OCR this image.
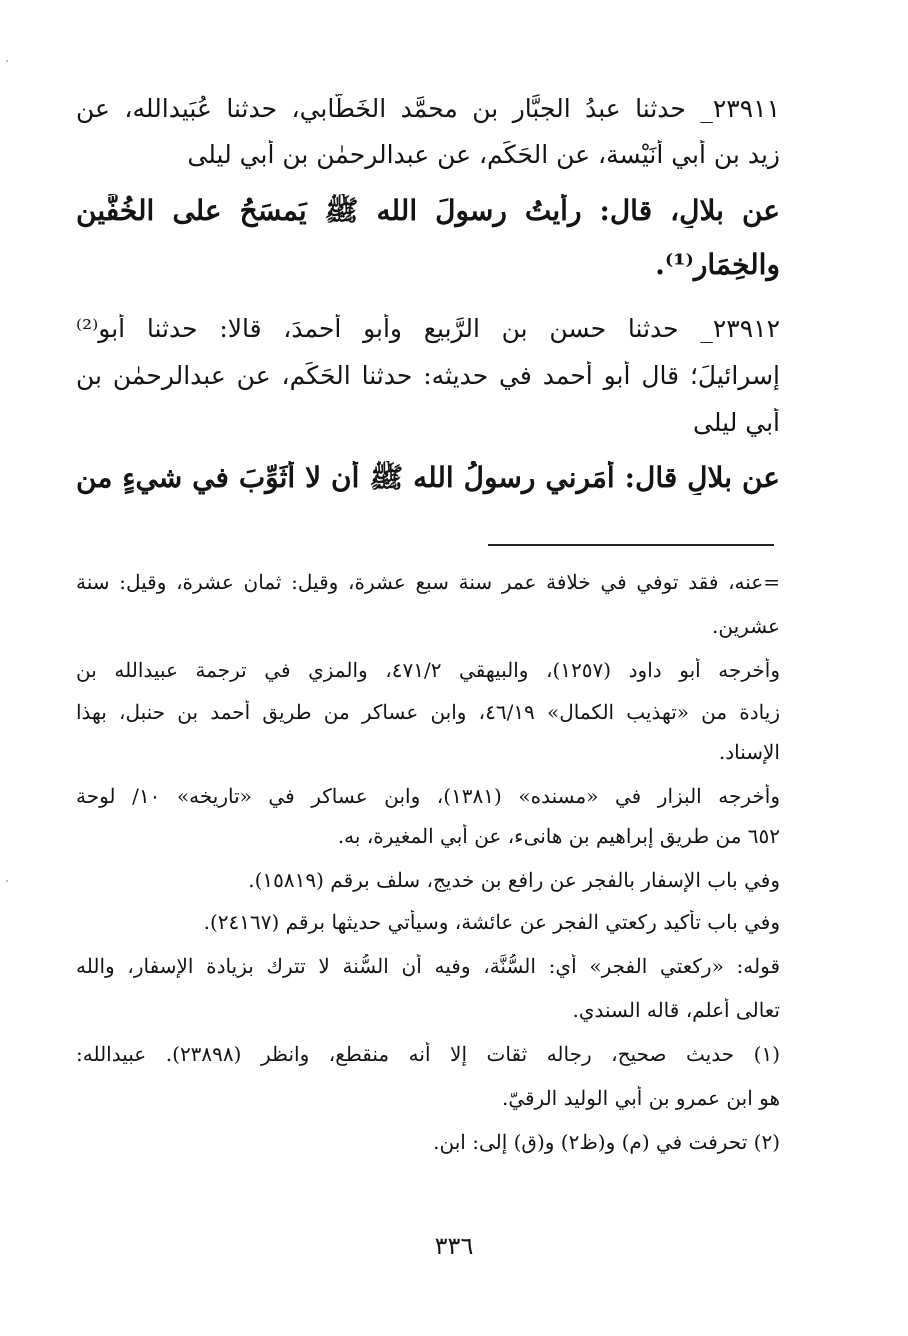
٢٣٩١١_ حدثنا عبدُ الجبَّار بن محمَّد الخَطَّابي، حدثنا عُبَيدالله، عن
زيد بن أبي أُنَيْسة، عن الحَكَم، عن عبدالرحمٰن بن أبي ليلى
عن بلالٍ، قال: رأيتُ رسولَ الله ﷺ يَمسَحُ على الخُفَّينِ
والخِمَار⁽¹⁾.
٢٣٩١٢_ حدثنا حسن بن الرَّبيع وأبو أحمدَ، قالا: حدثنا أبو⁽²⁾
إسرائيلَ؛ قال أبو أحمد في حديثه: حدثنا الحَكَم، عن عبدالرحمٰن بن
أبي ليلى
عن بلالٍ قال: أَمَرني رسولُ الله ﷺ أن لا أُثَوِّبَ في شيءٍ من
=عنه، فقد توفي في خلافة عمر سنة سبع عشرة، وقيل: ثمان عشرة، وقيل: سنة
عشرين.
وأخرجه أبو داود (١٢٥٧)، والبيهقي ٤٧١/٢، والمزي في ترجمة عبيدالله بن
زيادة من «تهذيب الكمال» ٤٦/١٩، وابن عساكر من طريق أحمد بن حنبل، بهذا
الإسناد.
وأخرجه البزار في «مسنده» (١٣٨١)، وابن عساكر في «تاريخه» ١٠/ لوحة
٦٥٢ من طريق إبراهيم بن هانىء، عن أبي المغيرة، به.
وفي باب الإسفار بالفجر عن رافع بن خديج، سلف برقم (١٥٨١٩).
وفي باب تأكيد ركعتي الفجر عن عائشة، وسيأتي حديثها برقم (٢٤١٦٧).
قوله: «ركعتي الفجر» أي: السُّنَّة، وفيه أن السُّنة لا تترك بزيادة الإسفار، والله
تعالى أعلم، قاله السندي.
(١) حديث صحيح، رجاله ثقات إلا أنه منقطع، وانظر (٢٣٨٩٨). عبيدالله:
هو ابن عمرو بن أبي الوليد الرقيّ.
(٢) تحرفت في (م) و(ظ٢) و(ق) إلى: ابن.
٣٣٦
